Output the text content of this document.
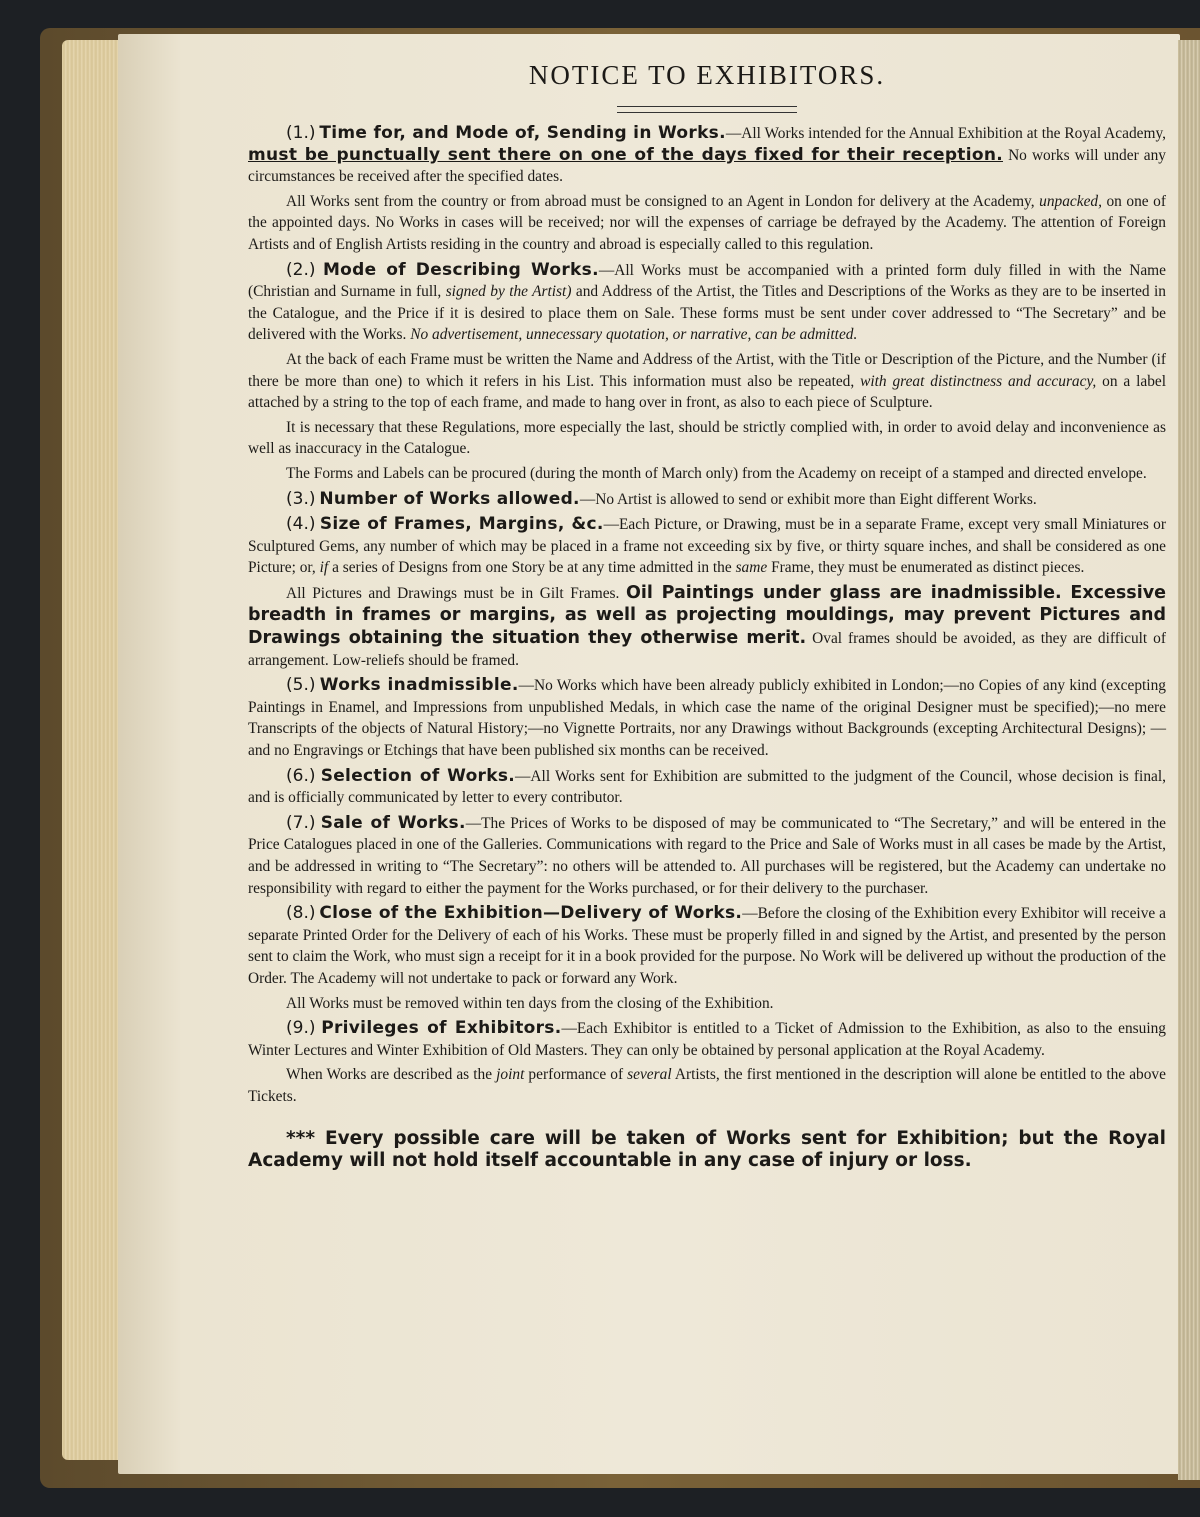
NOTICE TO EXHIBITORS.

(1.) Time for, and Mode of, Sending in Works.—All Works intended for the Annual Exhibition at the Royal Academy, must be punctually sent there on one of the days fixed for their reception. No works will under any circumstances be received after the specified dates.

All Works sent from the country or from abroad must be consigned to an Agent in London for delivery at the Academy, unpacked, on one of the appointed days. No Works in cases will be received; nor will the expenses of carriage be defrayed by the Academy. The attention of Foreign Artists and of English Artists residing in the country and abroad is especially called to this regulation.

(2.) Mode of Describing Works.—All Works must be accompanied with a printed form duly filled in with the Name (Christian and Surname in full, signed by the Artist) and Address of the Artist, the Titles and Descriptions of the Works as they are to be inserted in the Catalogue, and the Price if it is desired to place them on Sale. These forms must be sent under cover addressed to “The Secretary” and be delivered with the Works. No advertisement, unnecessary quotation, or narrative, can be admitted.

At the back of each Frame must be written the Name and Address of the Artist, with the Title or Description of the Picture, and the Number (if there be more than one) to which it refers in his List. This information must also be repeated, with great distinctness and accuracy, on a label attached by a string to the top of each frame, and made to hang over in front, as also to each piece of Sculpture.

It is necessary that these Regulations, more especially the last, should be strictly complied with, in order to avoid delay and inconvenience as well as inaccuracy in the Catalogue.

The Forms and Labels can be procured (during the month of March only) from the Academy on receipt of a stamped and directed envelope.

(3.) Number of Works allowed.—No Artist is allowed to send or exhibit more than Eight different Works.

(4.) Size of Frames, Margins, &c.—Each Picture, or Drawing, must be in a separate Frame, except very small Miniatures or Sculptured Gems, any number of which may be placed in a frame not exceeding six by five, or thirty square inches, and shall be considered as one Picture; or, if a series of Designs from one Story be at any time admitted in the same Frame, they must be enumerated as distinct pieces.

All Pictures and Drawings must be in Gilt Frames. Oil Paintings under glass are inadmissible. Excessive breadth in frames or margins, as well as projecting mouldings, may prevent Pictures and Drawings obtaining the situation they otherwise merit. Oval frames should be avoided, as they are difficult of arrangement. Low-reliefs should be framed.

(5.) Works inadmissible.—No Works which have been already publicly exhibited in London;—no Copies of any kind (excepting Paintings in Enamel, and Impressions from unpublished Medals, in which case the name of the original Designer must be specified);—no mere Transcripts of the objects of Natural History;—no Vignette Portraits, nor any Drawings without Backgrounds (excepting Architectural Designs); —and no Engravings or Etchings that have been published six months can be received.

(6.) Selection of Works.—All Works sent for Exhibition are submitted to the judgment of the Council, whose decision is final, and is officially communicated by letter to every contributor.

(7.) Sale of Works.—The Prices of Works to be disposed of may be communicated to “The Secretary,” and will be entered in the Price Catalogues placed in one of the Galleries. Communications with regard to the Price and Sale of Works must in all cases be made by the Artist, and be addressed in writing to “The Secretary”: no others will be attended to. All purchases will be registered, but the Academy can undertake no responsibility with regard to either the payment for the Works purchased, or for their delivery to the purchaser.

(8.) Close of the Exhibition—Delivery of Works.—Before the closing of the Exhibition every Exhibitor will receive a separate Printed Order for the Delivery of each of his Works. These must be properly filled in and signed by the Artist, and presented by the person sent to claim the Work, who must sign a receipt for it in a book provided for the purpose. No Work will be delivered up without the production of the Order. The Academy will not undertake to pack or forward any Work.

All Works must be removed within ten days from the closing of the Exhibition.

(9.) Privileges of Exhibitors.—Each Exhibitor is entitled to a Ticket of Admission to the Exhibition, as also to the ensuing Winter Lectures and Winter Exhibition of Old Masters. They can only be obtained by personal application at the Royal Academy.

When Works are described as the joint performance of several Artists, the first mentioned in the description will alone be entitled to the above Tickets.

*** Every possible care will be taken of Works sent for Exhibition; but the Royal Academy will not hold itself accountable in any case of injury or loss.
